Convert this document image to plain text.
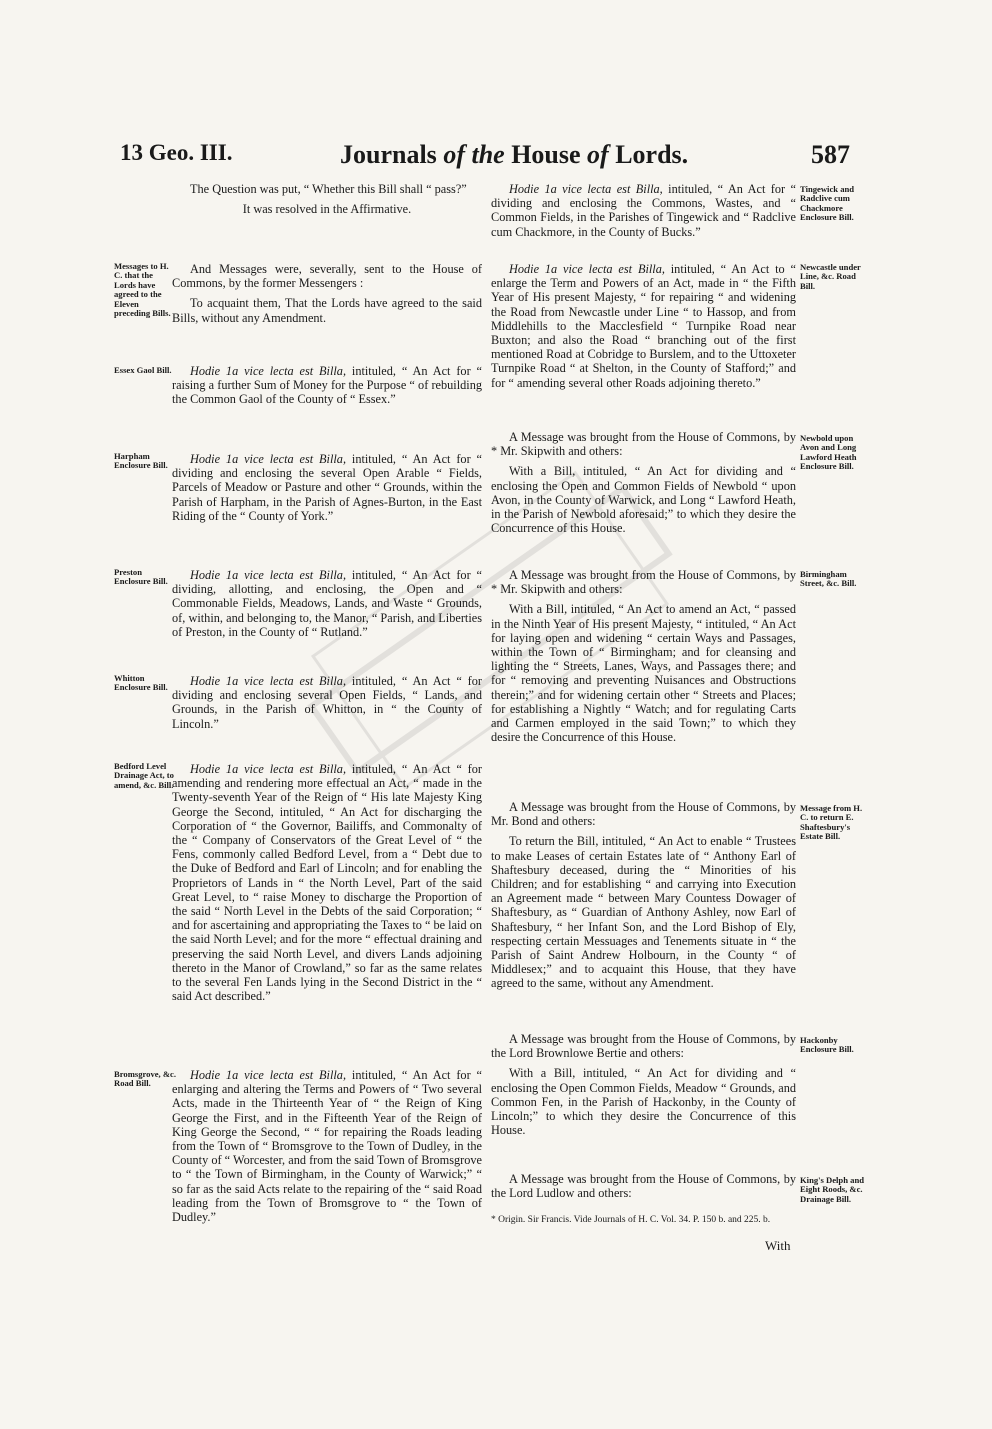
13 Geo. III.	Journals of the House of Lords.	587

The Question was put, “ Whether this Bill shall “ pass?”

It was resolved in the Affirmative.

And Messages were, severally, sent to the House of Commons, by the former Messengers :

To acquaint them, That the Lords have agreed to the said Bills, without any Amendment.

Hodie 1a vice lecta est Billa, intituled, “ An Act for “ raising a further Sum of Money for the Purpose “ of rebuilding the Common Gaol of the County of “ Essex.”

Hodie 1a vice lecta est Billa, intituled, “ An Act for “ dividing and enclosing the several Open Arable “ Fields, Parcels of Meadow or Pasture and other “ Grounds, within the Parish of Harpham, in the Parish of Agnes-Burton, in the East Riding of the “ County of York.”

Hodie 1a vice lecta est Billa, intituled, “ An Act for “ dividing, allotting, and enclosing, the Open and “ Commonable Fields, Meadows, Lands, and Waste “ Grounds, of, within, and belonging to, the Manor, “ Parish, and Liberties of Preston, in the County of “ Rutland.”

Hodie 1a vice lecta est Billa, intituled, “ An Act “ for dividing and enclosing several Open Fields, “ Lands, and Grounds, in the Parish of Whitton, in “ the County of Lincoln.”

Hodie 1a vice lecta est Billa, intituled, “ An Act “ for amending and rendering more effectual an Act, “ made in the Twenty-seventh Year of the Reign of “ His late Majesty King George the Second, intituled, “ An Act for discharging the Corporation of “ the Governor, Bailiffs, and Commonalty of the “ Company of Conservators of the Great Level of “ the Fens, commonly called Bedford Level, from a “ Debt due to the Duke of Bedford and Earl of Lincoln; and for enabling the Proprietors of Lands in “ the North Level, Part of the said Great Level, to “ raise Money to discharge the Proportion of the said “ North Level in the Debts of the said Corporation; “ and for ascertaining and appropriating the Taxes to “ be laid on the said North Level; and for the more “ effectual draining and preserving the said North Level, and divers Lands adjoining thereto in the Manor of Crowland,” so far as the same relates to the several Fen Lands lying in the Second District in the “ said Act described.”

Hodie 1a vice lecta est Billa, intituled, “ An Act for “ enlarging and altering the Terms and Powers of “ Two several Acts, made in the Thirteenth Year of “ the Reign of King George the First, and in the Fifteenth Year of the Reign of King George the Second, “ “ for repairing the Roads leading from the Town of “ Bromsgrove to the Town of Dudley, in the County of “ Worcester, and from the said Town of Bromsgrove to “ the Town of Birmingham, in the County of Warwick;” “ so far as the said Acts relate to the repairing of the “ said Road leading from the Town of Bromsgrove to “ the Town of Dudley.”

Messages to H. C. that the Lords have agreed to the Eleven preceding Bills.
Essex Gaol Bill.
Harpham Enclosure Bill.
Preston Enclosure Bill.
Whitton Enclosure Bill.
Bedford Level Drainage Act, to amend, &c. Bill.
Bromsgrove, &c. Road Bill.

Hodie 1a vice lecta est Billa, intituled, “ An Act for “ dividing and enclosing the Commons, Wastes, and “ Common Fields, in the Parishes of Tingewick and “ Radclive cum Chackmore, in the County of Bucks.”

Hodie 1a vice lecta est Billa, intituled, “ An Act to “ enlarge the Term and Powers of an Act, made in “ the Fifth Year of His present Majesty, “ for repairing “ and widening the Road from Newcastle under Line “ to Hassop, and from Middlehills to the Macclesfield “ Turnpike Road near Buxton; and also the Road “ branching out of the first mentioned Road at Cobridge to Burslem, and to the Uttoxeter Turnpike Road “ at Shelton, in the County of Stafford;” and for “ amending several other Roads adjoining thereto.”

A Message was brought from the House of Commons, by * Mr. Skipwith and others:

With a Bill, intituled, “ An Act for dividing and “ enclosing the Open and Common Fields of Newbold “ upon Avon, in the County of Warwick, and Long “ Lawford Heath, in the Parish of Newbold aforesaid;” to which they desire the Concurrence of this House.

A Message was brought from the House of Commons, by * Mr. Skipwith and others:

With a Bill, intituled, “ An Act to amend an Act, “ passed in the Ninth Year of His present Majesty, “ intituled, “ An Act for laying open and widening “ certain Ways and Passages, within the Town of “ Birmingham; and for cleansing and lighting the “ Streets, Lanes, Ways, and Passages there; and for “ removing and preventing Nuisances and Obstructions therein;” and for widening certain other “ Streets and Places; for establishing a Nightly “ Watch; and for regulating Carts and Carmen employed in the said Town;” to which they desire the Concurrence of this House.

A Message was brought from the House of Commons, by Mr. Bond and others:

To return the Bill, intituled, “ An Act to enable “ Trustees to make Leases of certain Estates late of “ Anthony Earl of Shaftesbury deceased, during the “ Minorities of his Children; and for establishing “ and carrying into Execution an Agreement made “ between Mary Countess Dowager of Shaftesbury, as “ Guardian of Anthony Ashley, now Earl of Shaftesbury, “ her Infant Son, and the Lord Bishop of Ely, respecting certain Messuages and Tenements situate in “ the Parish of Saint Andrew Holbourn, in the County “ of Middlesex;” and to acquaint this House, that they have agreed to the same, without any Amendment.

A Message was brought from the House of Commons, by the Lord Brownlowe Bertie and others:

With a Bill, intituled, “ An Act for dividing and “ enclosing the Open Common Fields, Meadow “ Grounds, and Common Fen, in the Parish of Hackonby, in the County of Lincoln;” to which they desire the Concurrence of this House.

A Message was brought from the House of Commons, by the Lord Ludlow and others:

Tingewick and Radclive cum Chackmore Enclosure Bill.
Newcastle under Line, &c. Road Bill.
Newbold upon Avon and Long Lawford Heath Enclosure Bill.
Birmingham Street, &c. Bill.
Message from H. C. to return E. Shaftesbury's Estate Bill.
Hackonby Enclosure Bill.
King's Delph and Eight Roods, &c. Drainage Bill.
* Origin. Sir Francis. Vide Journals of H. C. Vol. 34. P. 150 b. and 225. b.
With
